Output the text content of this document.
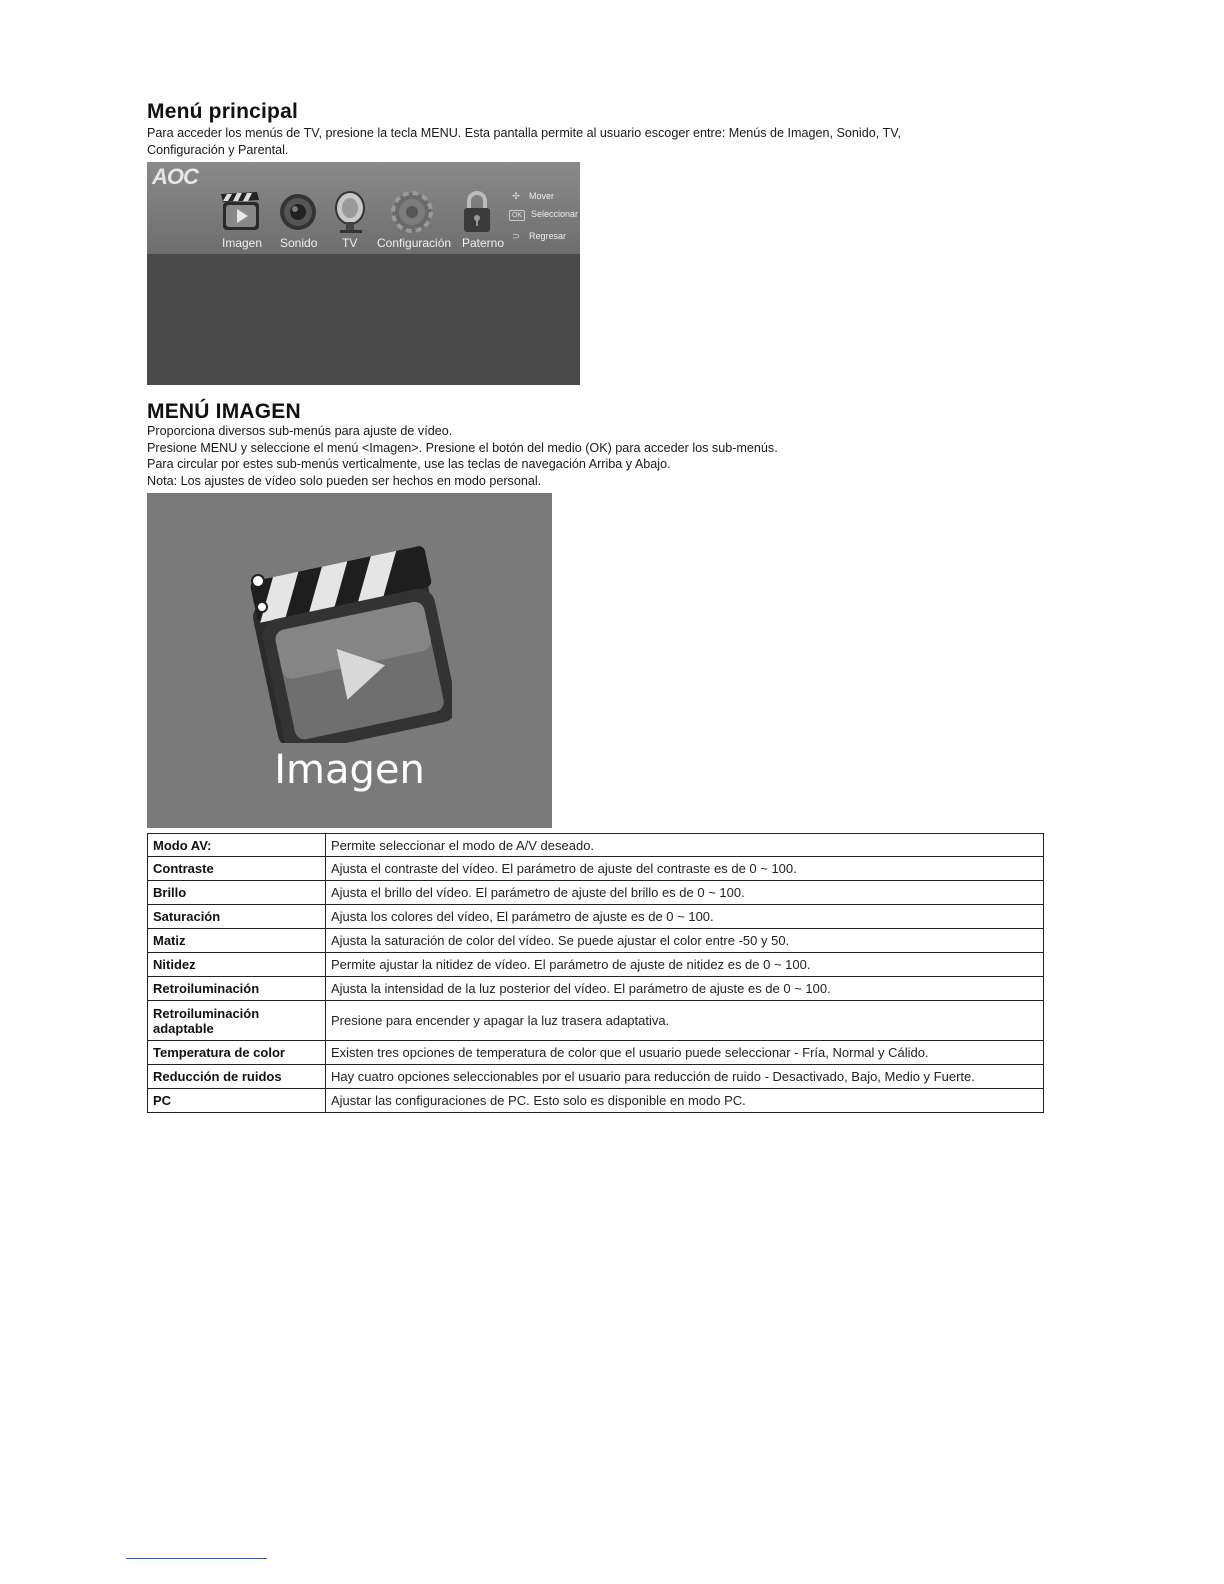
Menú principal

Para acceder los menús de TV, presione la tecla MENU. Esta pantalla permite al usuario escoger entre: Menús de Imagen, Sonido, TV,
Configuración y Parental.

AOC
Imagen Sonido TV Configuración Paterno
✣ Mover
OK Seleccionar
⊃ Regresar
MENÚ IMAGEN

Proporciona diversos sub-menús para ajuste de vídeo.
Presione MENU y seleccione el menú <Imagen>. Presione el botón del medio (OK) para acceder los sub-menús.
Para circular por estes sub-menús verticalmente, use las teclas de navegación Arriba y Abajo.
Nota: Los ajustes de vídeo solo pueden ser hechos en modo personal.

Imagen
Modo AV:	Permite seleccionar el modo de A/V deseado.
Contraste	Ajusta el contraste del vídeo. El parámetro de ajuste del contraste es de 0 ~ 100.
Brillo	Ajusta el brillo del vídeo. El parámetro de ajuste del brillo es de 0 ~ 100.
Saturación	Ajusta los colores del vídeo, El parámetro de ajuste es de 0 ~ 100.
Matiz	Ajusta la saturación de color del vídeo. Se puede ajustar el color entre -50 y 50.
Nitidez	Permite ajustar la nitidez de vídeo. El parámetro de ajuste de nitidez es de 0 ~ 100.
Retroiluminación	Ajusta la intensidad de la luz posterior del vídeo. El parámetro de ajuste es de 0 ~ 100.
Retroiluminación adaptable	Presione para encender y apagar la luz trasera adaptativa.
Temperatura de color	Existen tres opciones de temperatura de color que el usuario puede seleccionar - Fría, Normal y Cálido.
Reducción de ruidos	Hay cuatro opciones seleccionables por el usuario para reducción de ruido - Desactivado, Bajo, Medio y Fuerte.
PC	Ajustar las configuraciones de PC. Esto solo es disponible en modo PC.
